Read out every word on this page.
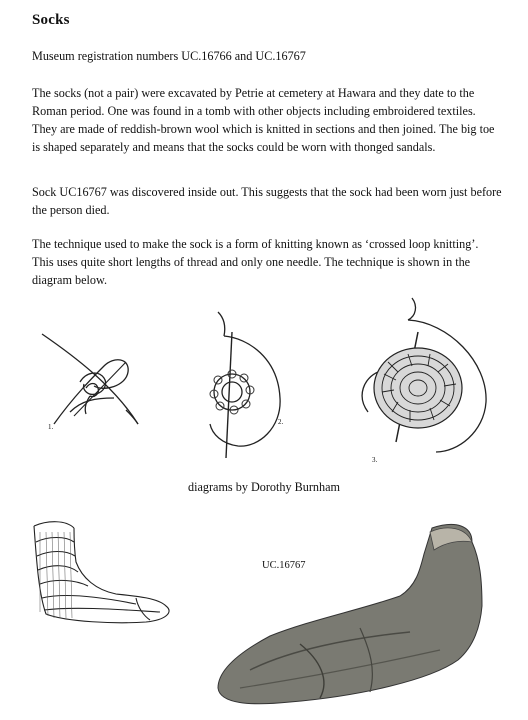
Socks

Museum registration numbers UC.16766 and UC.16767

The socks (not a pair) were excavated by Petrie at cemetery at Hawara and they date to the Roman period. One was found in a tomb with other objects including embroidered textiles. They are made of reddish-brown wool which is knitted in sections and then joined. The big toe is shaped separately and means that the socks could be worn with thonged sandals.

Sock UC16767 was discovered inside out. This suggests that the sock had been worn just before the person died.

The technique used to make the sock is a form of knitting known as ‘crossed loop knitting’. This uses quite short lengths of thread and only one needle. The technique is shown in the diagram below.

1.
2.
3.
diagrams by Dorothy Burnham
UC.16767
